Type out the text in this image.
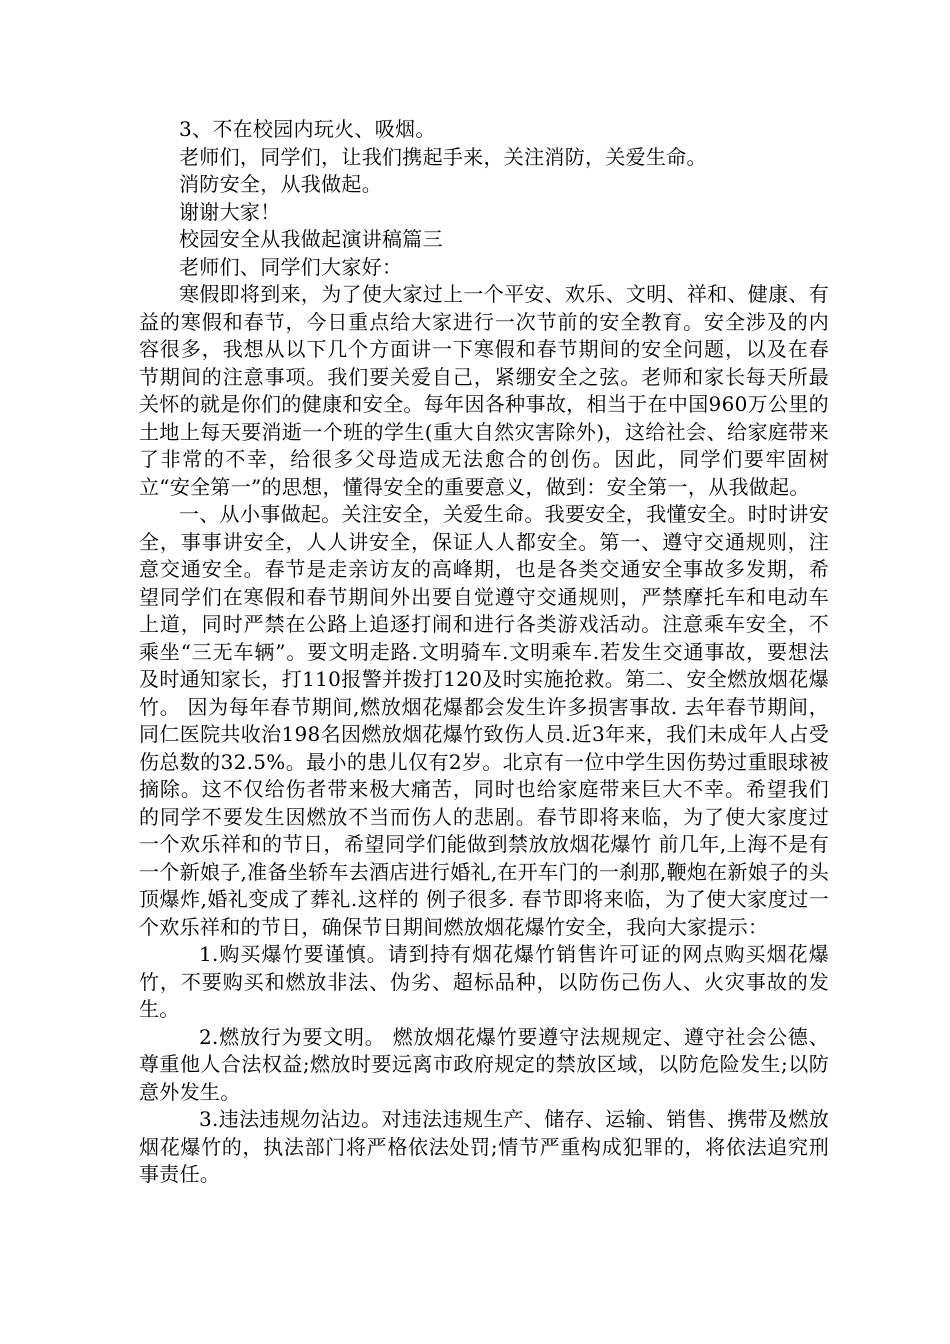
3、不在校园内玩火、吸烟。

老师们，同学们，让我们携起手来，关注消防，关爱生命。

消防安全，从我做起。

谢谢大家！

校园安全从我做起演讲稿篇三

老师们、同学们大家好：

寒假即将到来，为了使大家过上一个平安、欢乐、文明、祥和、健康、有益的寒假和春节，今日重点给大家进行一次节前的安全教育。安全涉及的内容很多，我想从以下几个方面讲一下寒假和春节期间的安全问题，以及在春节期间的注意事项。我们要关爱自己，紧绷安全之弦。老师和家长每天所最关怀的就是你们的健康和安全。每年因各种事故，相当于在中国960万公里的土地上每天要消逝一个班的学生(重大自然灾害除外)，这给社会、给家庭带来了非常的不幸，给很多父母造成无法愈合的创伤。因此，同学们要牢固树立“安全第一”的思想，懂得安全的重要意义，做到：安全第一，从我做起。

一、从小事做起。关注安全，关爱生命。我要安全，我懂安全。时时讲安全，事事讲安全，人人讲安全，保证人人都安全。第一、遵守交通规则，注意交通安全。春节是走亲访友的高峰期，也是各类交通安全事故多发期，希望同学们在寒假和春节期间外出要自觉遵守交通规则，严禁摩托车和电动车上道，同时严禁在公路上追逐打闹和进行各类游戏活动。注意乘车安全，不乘坐“三无车辆”。要文明走路.文明骑车.文明乘车.若发生交通事故，要想法及时通知家长，打110报警并拨打120及时实施抢救。第二、安全燃放烟花爆竹。 因为每年春节期间,燃放烟花爆都会发生许多损害事故. 去年春节期间，同仁医院共收治198名因燃放烟花爆竹致伤人员.近3年来，我们未成年人占受伤总数的32.5%。最小的患儿仅有2岁。北京有一位中学生因伤势过重眼球被摘除。这不仅给伤者带来极大痛苦，同时也给家庭带来巨大不幸。希望我们的同学不要发生因燃放不当而伤人的悲剧。春节即将来临，为了使大家度过一个欢乐祥和的节日，希望同学们能做到禁放放烟花爆竹 前几年,上海不是有一个新娘子,准备坐轿车去酒店进行婚礼,在开车门的一刹那,鞭炮在新娘子的头顶爆炸,婚礼变成了葬礼.这样的 例子很多. 春节即将来临，为了使大家度过一个欢乐祥和的节日，确保节日期间燃放烟花爆竹安全，我向大家提示：

1.购买爆竹要谨慎。请到持有烟花爆竹销售许可证的网点购买烟花爆竹，不要购买和燃放非法、伪劣、超标品种，以防伤己伤人、火灾事故的发生。

2.燃放行为要文明。 燃放烟花爆竹要遵守法规规定、遵守社会公德、尊重他人合法权益;燃放时要远离市政府规定的禁放区域，以防危险发生;以防意外发生。

3.违法违规勿沾边。对违法违规生产、储存、运输、销售、携带及燃放烟花爆竹的，执法部门将严格依法处罚;情节严重构成犯罪的，将依法追究刑事责任。
